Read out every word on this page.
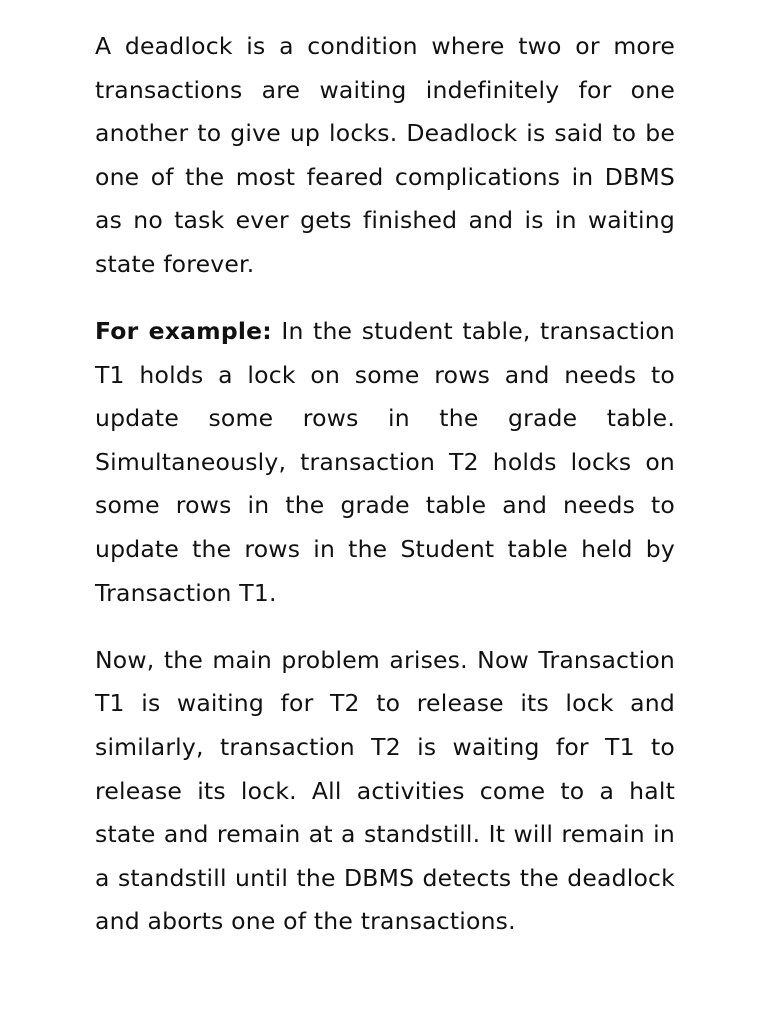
A deadlock is a condition where two or more transactions are waiting indefinitely for one another to give up locks. Deadlock is said to be one of the most feared complications in DBMS as no task ever gets finished and is in waiting state forever.

For example: In the student table, transaction T1 holds a lock on some rows and needs to update some rows in the grade table. Simultaneously, transaction T2 holds locks on some rows in the grade table and needs to update the rows in the Student table held by Transaction T1.

Now, the main problem arises. Now Transaction T1 is waiting for T2 to release its lock and similarly, transaction T2 is waiting for T1 to release its lock. All activities come to a halt state and remain at a standstill. It will remain in a standstill until the DBMS detects the deadlock and aborts one of the transactions.
